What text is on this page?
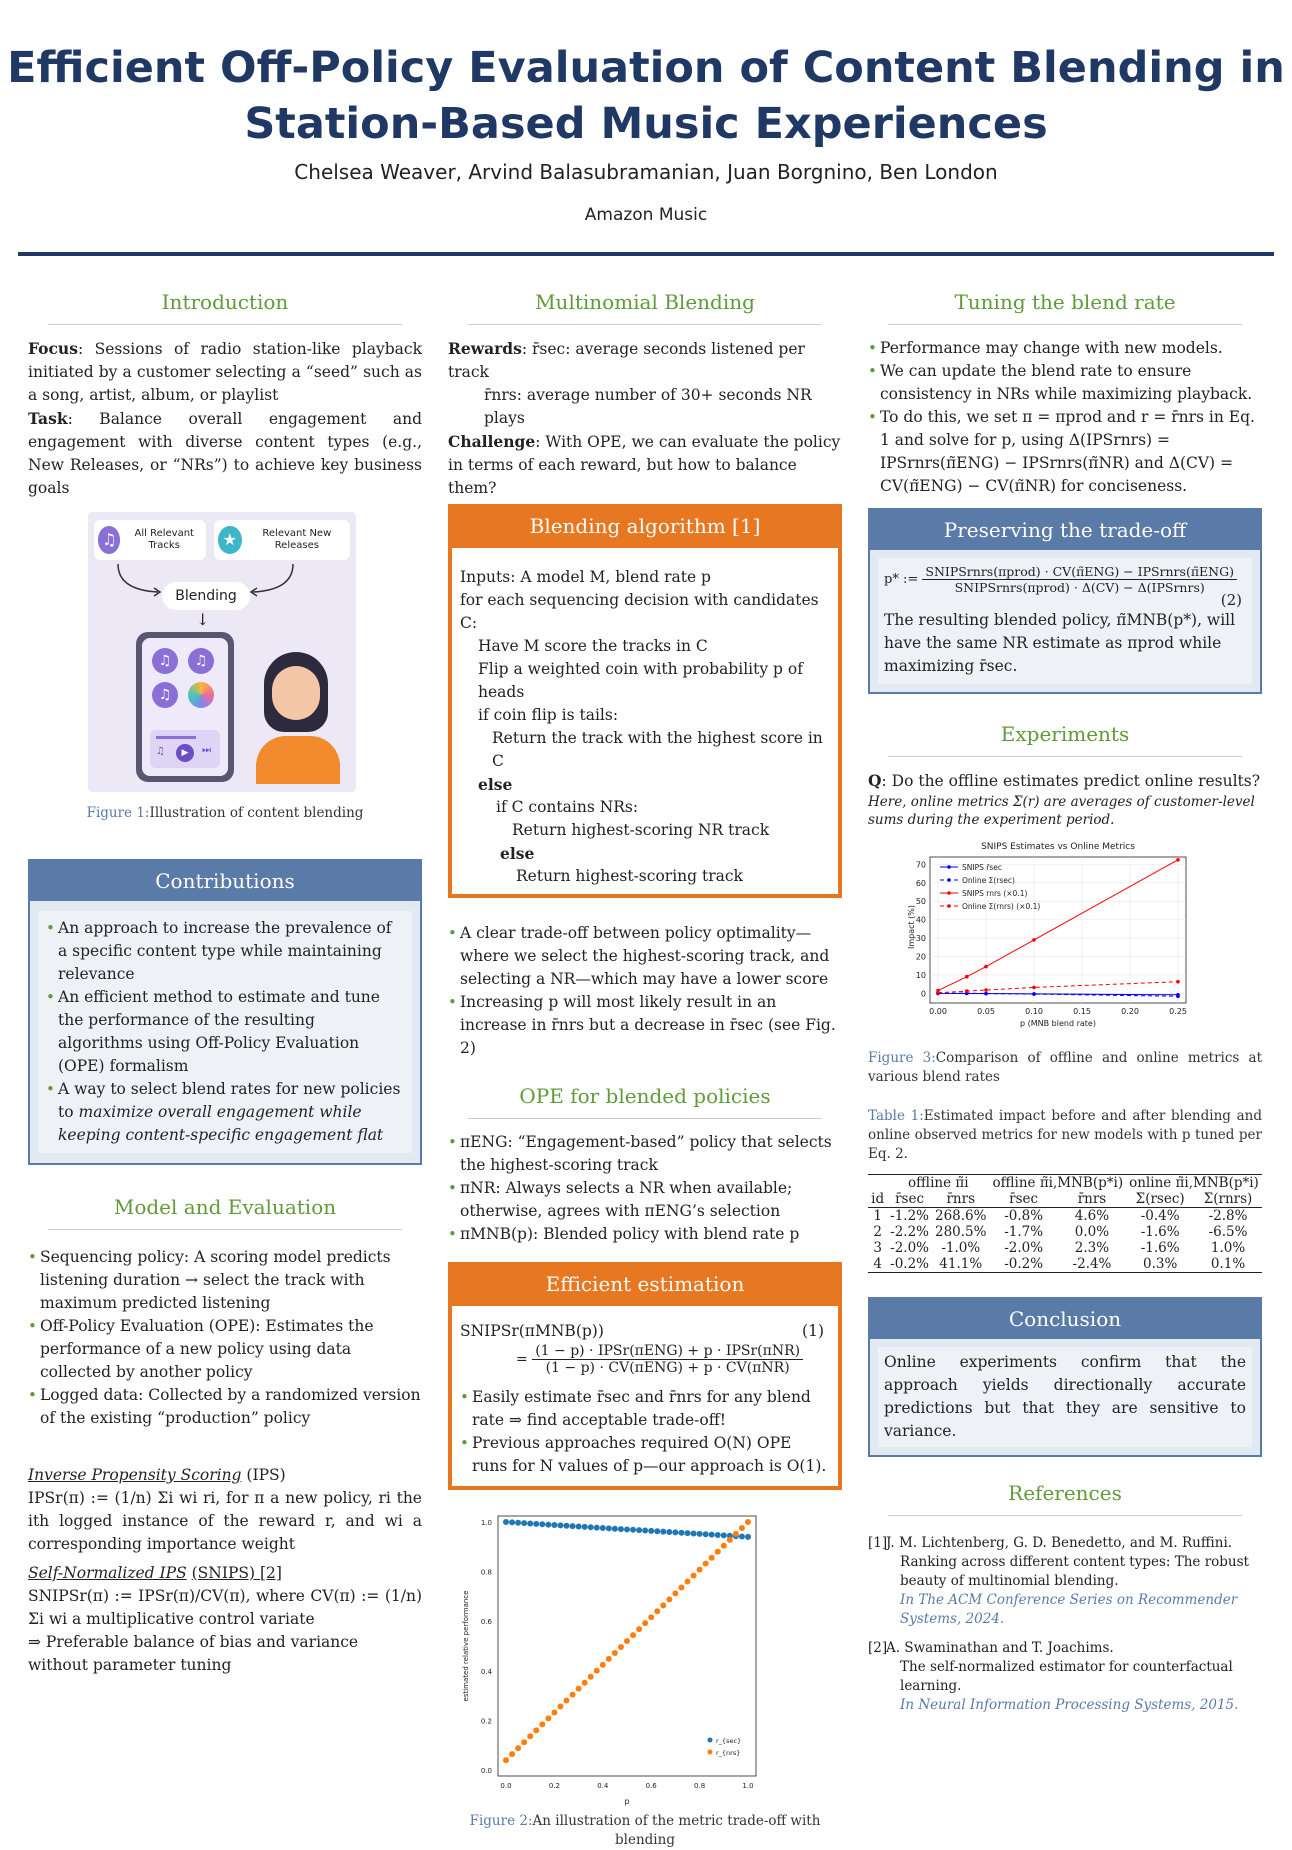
Efficient Off-Policy Evaluation of Content Blending in
Station-Based Music Experiences
Chelsea Weaver, Arvind Balasubramanian, Juan Borgnino, Ben London
Amazon Music
Introduction

Focus: Sessions of radio station-like playback initiated by a customer selecting a “seed” such as a song, artist, album, or playlist

Task: Balance overall engagement and engagement with diverse content types (e.g., New Releases, or “NRs”) to achieve key business goals

♫	All Relevant Tracks	★	Relevant New Releases
Blending
↓
♫	♫
♫
▶
♫	⏭

Figure 1:Illustration of content blending

Contributions
• An approach to increase the prevalence of a specific content type while maintaining relevance
• An efficient method to estimate and tune the performance of the resulting algorithms using Off-Policy Evaluation (OPE) formalism
• A way to select blend rates for new policies to maximize overall engagement while keeping content-specific engagement flat
Model and Evaluation
• Sequencing policy: A scoring model predicts listening duration → select the track with maximum predicted listening
• Off-Policy Evaluation (OPE): Estimates the performance of a new policy using data collected by another policy
• Logged data: Collected by a randomized version of the existing “production” policy

Inverse Propensity Scoring (IPS)

IPSr(π) := (1/n) Σi wi ri, for π a new policy, ri the ith logged instance of the reward r, and wi a corresponding importance weight

Self-Normalized IPS (SNIPS) [2]

SNIPSr(π) := IPSr(π)/CV(π), where CV(π) := (1/n) Σi wi a multiplicative control variate

⇒ Preferable balance of bias and variance without parameter tuning

Multinomial Blending

Rewards: r̄sec: average seconds listened per track

r̄nrs: average number of 30+ seconds NR plays

Challenge: With OPE, we can evaluate the policy in terms of each reward, but how to balance them?

Blending algorithm [1]
Inputs: A model M, blend rate p
for each sequencing decision with candidates C:
Have M score the tracks in C
Flip a weighted coin with probability p of heads
if coin flip is tails:
Return the track with the highest score in C
else
if C contains NRs:
Return highest-scoring NR track
else
Return highest-scoring track
• A clear trade-off between policy optimality—where we select the highest-scoring track, and selecting a NR—which may have a lower score
• Increasing p will most likely result in an increase in r̄nrs but a decrease in r̄sec (see Fig. 2)
OPE for blended policies
• πENG: “Engagement-based” policy that selects the highest-scoring track
• πNR: Always selects a NR when available; otherwise, agrees with πENG’s selection
• πMNB(p): Blended policy with blend rate p
Efficient estimation
SNIPSr(πMNB(p))	(1)
= $\frac{\text{(1 − p) · IPSr(πENG) + p · IPSr(πNR)}}{\text{(1 − p) · CV(πENG) + p · CV(πNR)}}$
• Easily estimate r̄sec and r̄nrs for any blend rate ⇒ find acceptable trade-off!
• Previous approaches required O(N) OPE runs for N values of p—our approach is O(1).
0.0	0.2	0.4	0.6	0.8	1.0
0.0
0.2
0.4
0.6
0.8
1.0
p
estimated relative performance
r_{sec}
r_{nrs}

Figure 2:An illustration of the metric trade-off with blending

Tuning the blend rate
• Performance may change with new models.
• We can update the blend rate to ensure consistency in NRs while maximizing playback.
• To do this, we set π = πprod and r = r̄nrs in Eq. 1 and solve for p, using Δ(IPSrnrs) = IPSrnrs(π̃ENG) − IPSrnrs(π̃NR) and Δ(CV) = CV(π̃ENG) − CV(π̃NR) for conciseness.
Preserving the trade-off
p* := $\frac{\text{SNIPSrnrs(πprod) · CV(π̃ENG) − IPSrnrs(π̃ENG)}}{\text{SNIPSrnrs(πprod) · Δ(CV) − Δ(IPSrnrs)}}$
(2)

The resulting blended policy, π̃MNB(p*), will have the same NR estimate as πprod while maximizing r̄sec.

Experiments

Q: Do the offline estimates predict online results?

Here, online metrics Σ(r) are averages of customer-level sums during the experiment period.

SNIPS Estimates vs Online Metrics
0
10
20
30
40
50
60
70
0.00	0.05	0.10	0.15	0.20	0.25
p (MNB blend rate)
Impact (%)
SNIPS r̄sec
Online Σ(rsec)
SNIPS rnrs (×0.1)
Online Σ(rnrs) (×0.1)

Figure 3:Comparison of offline and online metrics at various blend rates

Table 1:Estimated impact before and after blending and online observed metrics for new models with p tuned per Eq. 2.

	offline π̃i		offline π̃i,MNB(p*i)		online π̃i,MNB(p*i)	
id	r̄sec	r̄nrs	r̄sec	r̄nrs	Σ(rsec)	Σ(rnrs)
1	-1.2%	268.6%	-0.8%	4.6%	-0.4%	-2.8%
2	-2.2%	280.5%	-1.7%	0.0%	-1.6%	-6.5%
3	-2.0%	-1.0%	-2.0%	2.3%	-1.6%	1.0%
4	-0.2%	41.1%	-0.2%	-2.4%	0.3%	0.1%
Conclusion

Online experiments confirm that the approach yields directionally accurate predictions but that they are sensitive to variance.

References
[1]
J. M. Lichtenberg, G. D. Benedetto, and M. Ruffini.
Ranking across different content types: The robust beauty of multinomial blending.
In The ACM Conference Series on Recommender Systems, 2024.
[2]
A. Swaminathan and T. Joachims.
The self-normalized estimator for counterfactual learning.
In Neural Information Processing Systems, 2015.
